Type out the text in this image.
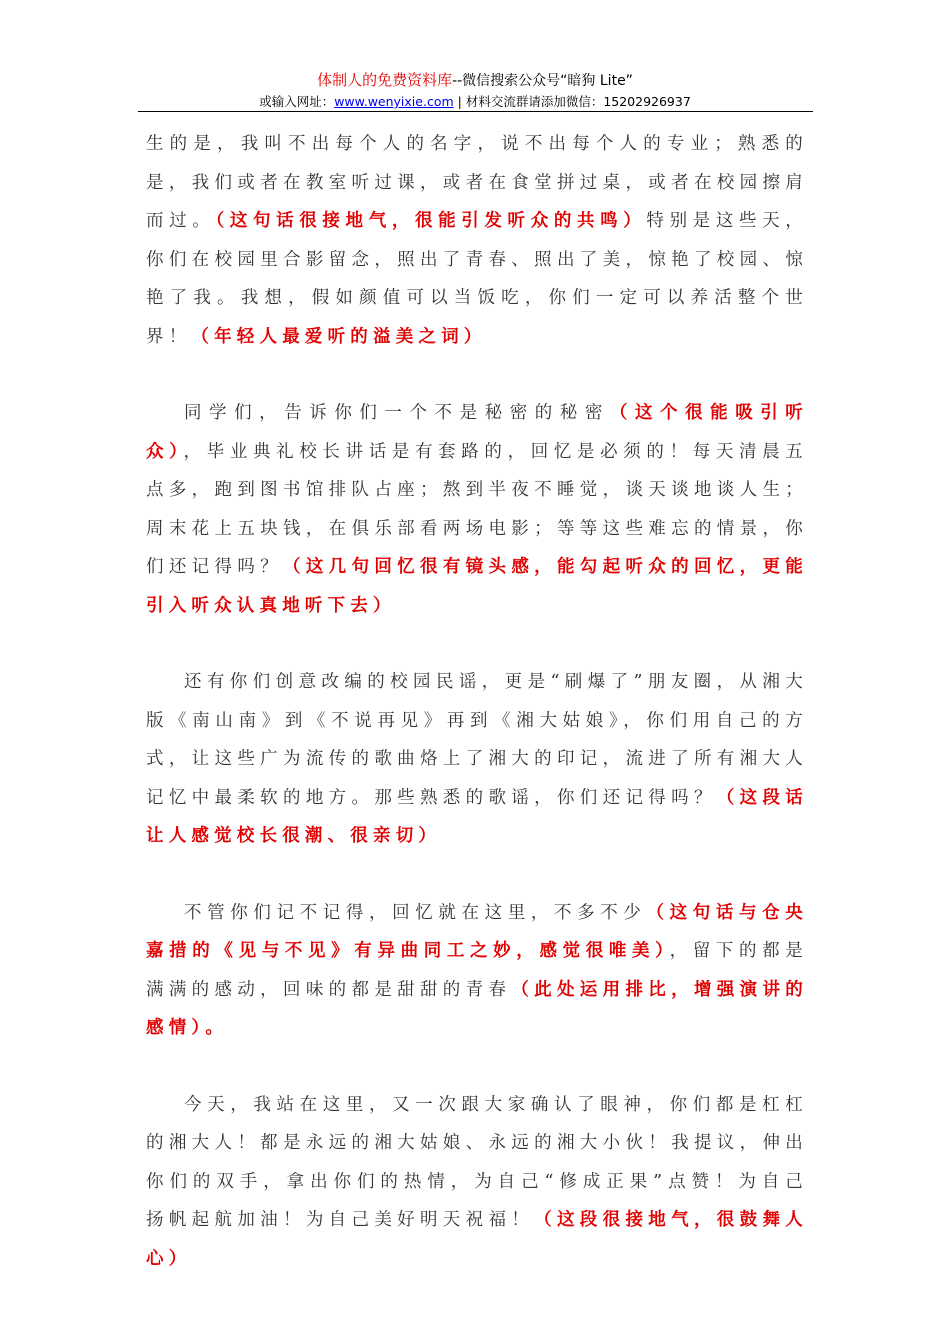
体制人的免费资料库--微信搜索公众号“暗狗 Lite”
或输入网址：www.wenyixie.com | 材料交流群请添加微信：15202926937

生的是，我叫不出每个人的名字，说不出每个人的专业；熟悉的是，我们或者在教室听过课，或者在食堂拼过桌，或者在校园擦肩而过。（这句话很接地气，很能引发听众的共鸣）特别是这些天，你们在校园里合影留念，照出了青春、照出了美，惊艳了校园、惊艳了我。我想，假如颜值可以当饭吃，你们一定可以养活整个世界！（年轻人最爱听的溢美之词）

同学们，告诉你们一个不是秘密的秘密（这个很能吸引听众），毕业典礼校长讲话是有套路的，回忆是必须的！每天清晨五点多，跑到图书馆排队占座；熬到半夜不睡觉，谈天谈地谈人生；周末花上五块钱，在俱乐部看两场电影；等等这些难忘的情景，你们还记得吗？（这几句回忆很有镜头感，能勾起听众的回忆，更能引入听众认真地听下去）

还有你们创意改编的校园民谣，更是“刷爆了”朋友圈，从湘大版《南山南》到《不说再见》再到《湘大姑娘》，你们用自己的方式，让这些广为流传的歌曲烙上了湘大的印记，流进了所有湘大人记忆中最柔软的地方。那些熟悉的歌谣，你们还记得吗？（这段话让人感觉校长很潮、很亲切）

不管你们记不记得，回忆就在这里，不多不少（这句话与仓央嘉措的《见与不见》有异曲同工之妙，感觉很唯美），留下的都是满满的感动，回味的都是甜甜的青春（此处运用排比，增强演讲的感情）。

今天，我站在这里，又一次跟大家确认了眼神，你们都是杠杠的湘大人！都是永远的湘大姑娘、永远的湘大小伙！我提议，伸出你们的双手，拿出你们的热情，为自己“修成正果”点赞！为自己扬帆起航加油！为自己美好明天祝福！（这段很接地气，很鼓舞人心）
